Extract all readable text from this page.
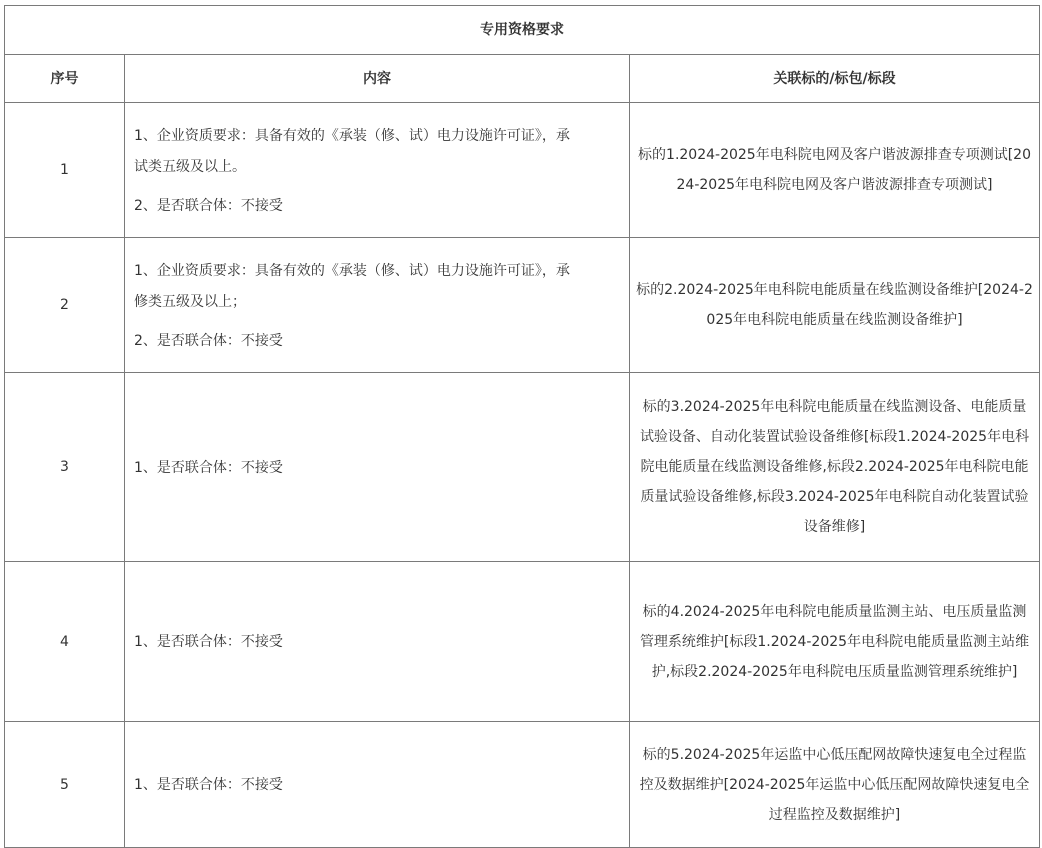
专用资格要求		
序号	内容	关联标的/标包/标段
1	1、企业资质要求：具备有效的《承装（修、试）电力设施许可证》，承试类五级及以上。

2、是否联合体：不接受	标的1.2024-2025年电科院电网及客户谐波源排查专项测试[2024-2025年电科院电网及客户谐波源排查专项测试]
2	1、企业资质要求：具备有效的《承装（修、试）电力设施许可证》，承修类五级及以上；

2、是否联合体：不接受	标的2.2024-2025年电科院电能质量在线监测设备维护[2024-2025年电科院电能质量在线监测设备维护]
3	1、是否联合体：不接受	标的3.2024-2025年电科院电能质量在线监测设备、电能质量试验设备、自动化装置试验设备维修[标段1.2024-2025年电科院电能质量在线监测设备维修,标段2.2024-2025年电科院电能质量试验设备维修,标段3.2024-2025年电科院自动化装置试验设备维修]
4	1、是否联合体：不接受	标的4.2024-2025年电科院电能质量监测主站、电压质量监测管理系统维护[标段1.2024-2025年电科院电能质量监测主站维护,标段2.2024-2025年电科院电压质量监测管理系统维护]
5	1、是否联合体：不接受	标的5.2024-2025年运监中心低压配网故障快速复电全过程监控及数据维护[2024-2025年运监中心低压配网故障快速复电全过程监控及数据维护]
